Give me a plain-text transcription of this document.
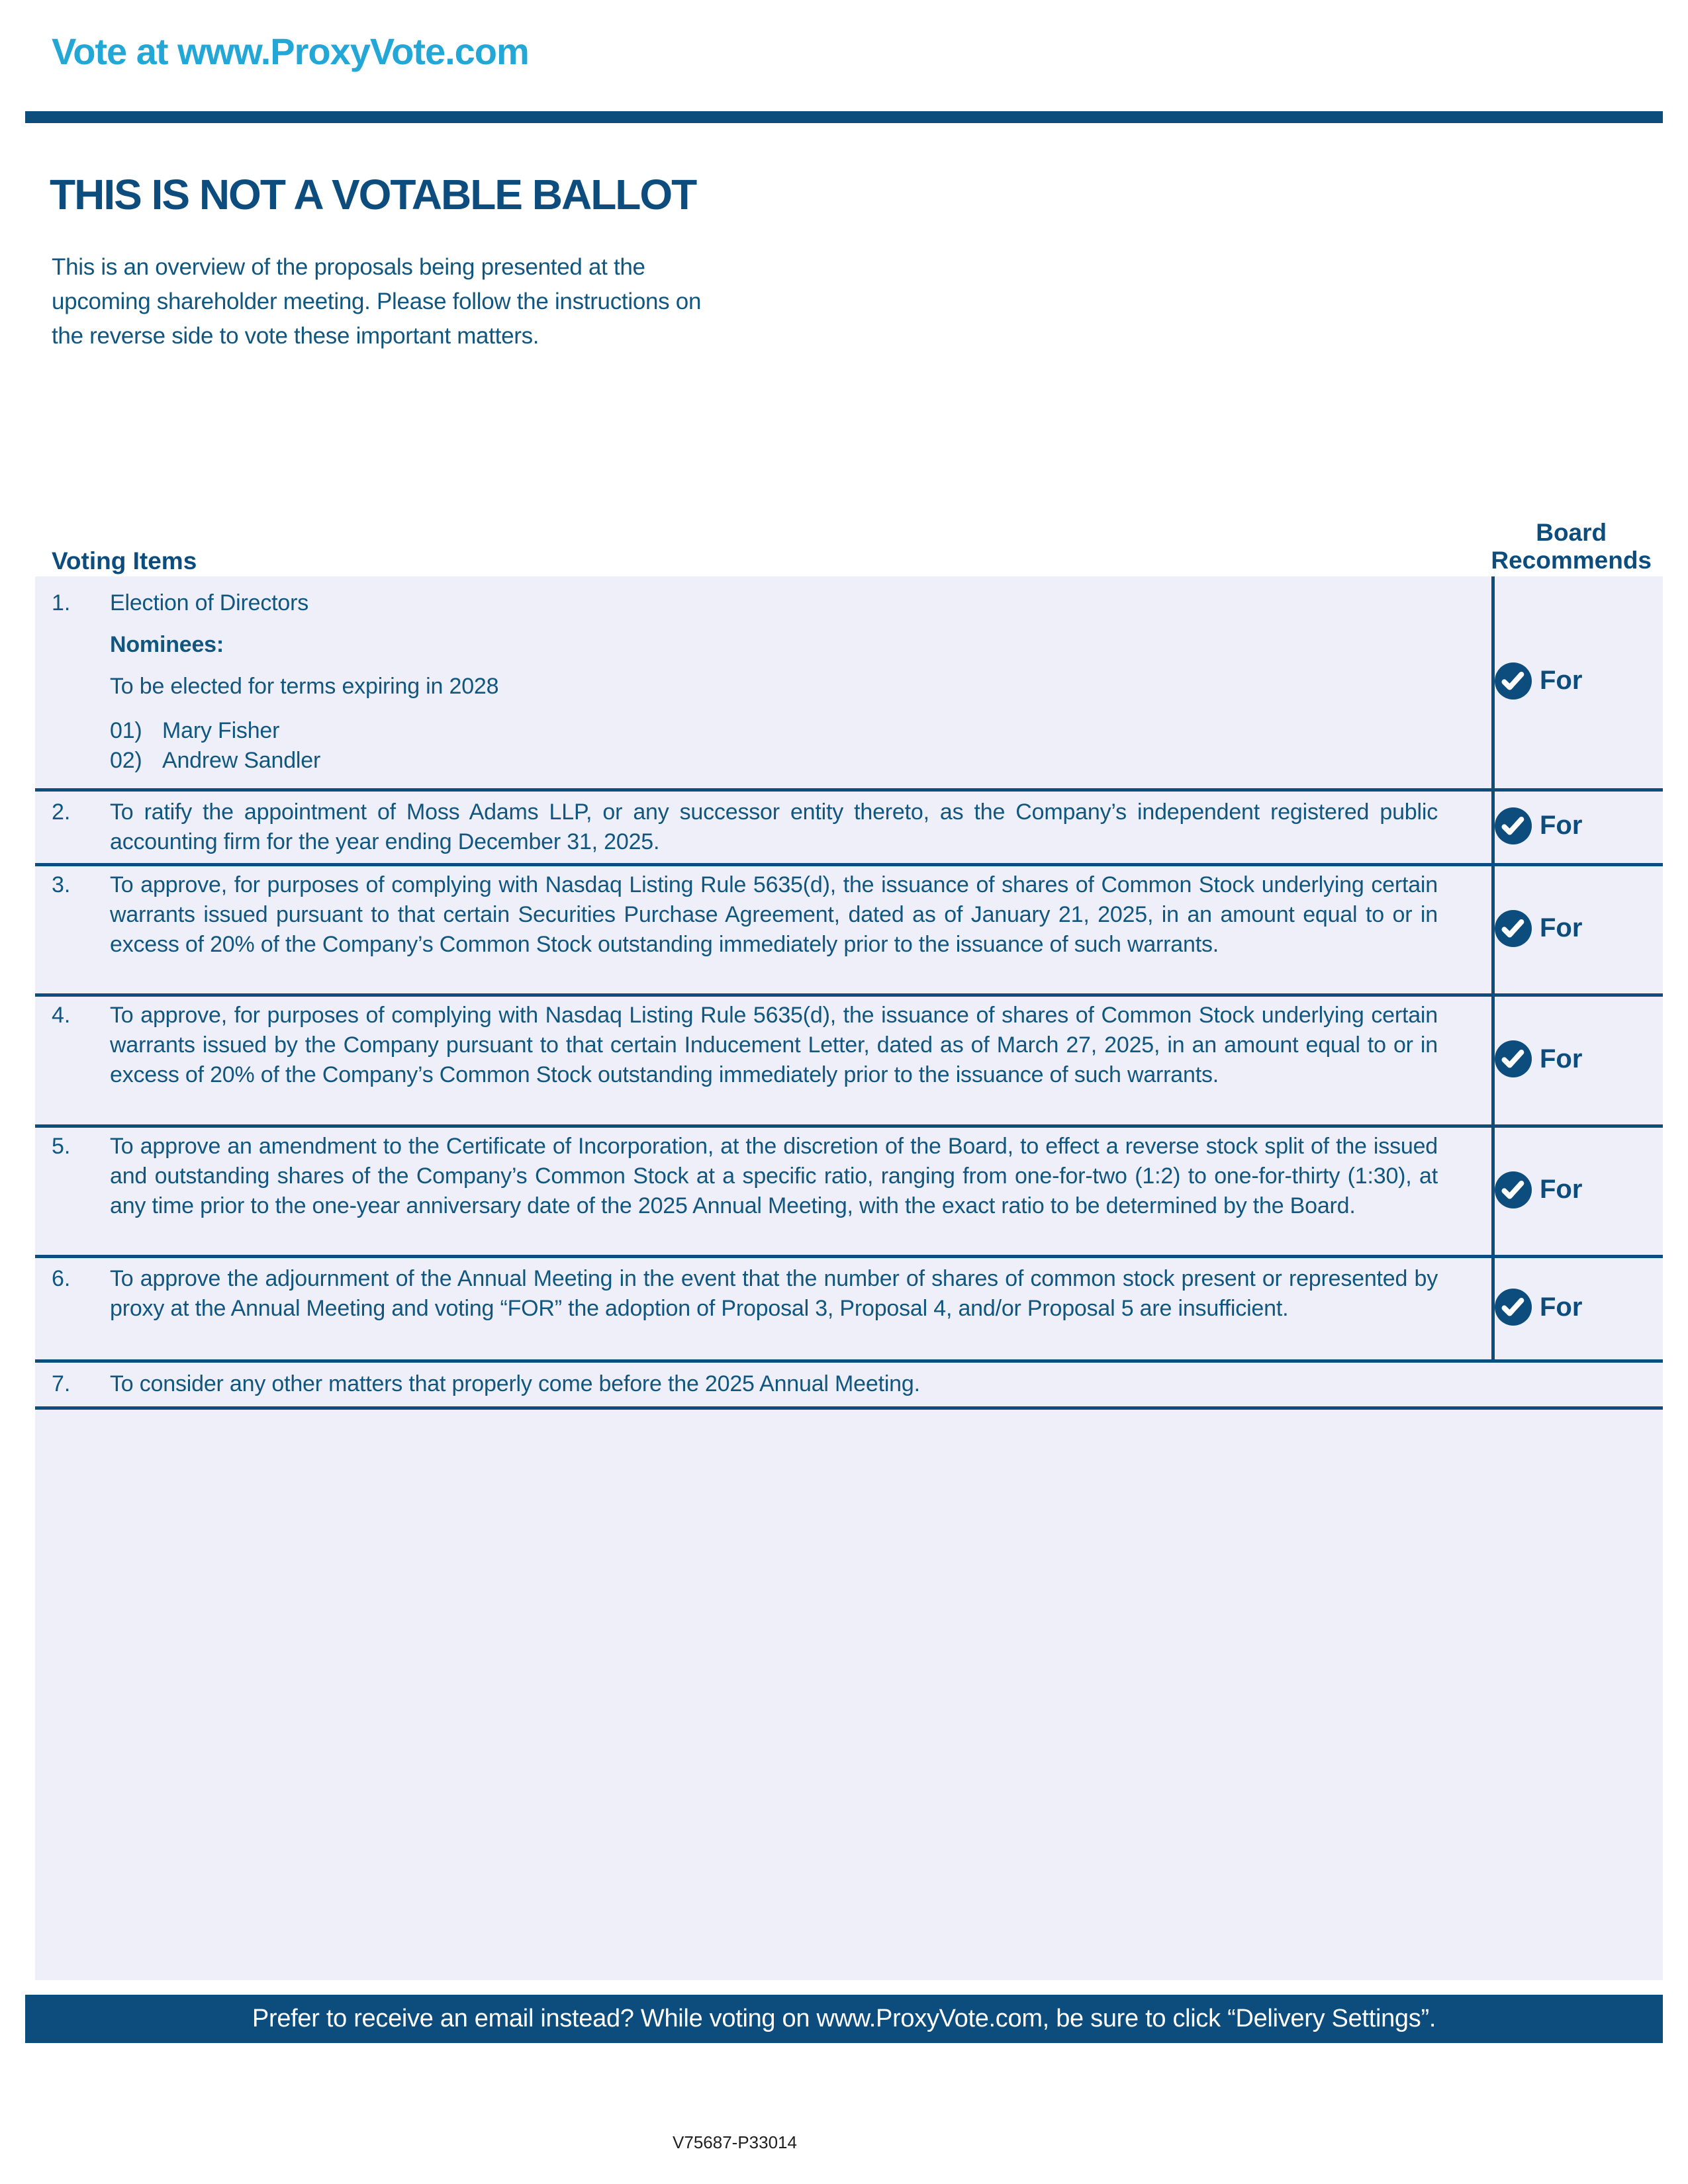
Vote at www.ProxyVote.com
THIS IS NOT A VOTABLE BALLOT
This is an overview of the proposals being presented at the
upcoming shareholder meeting. Please follow the instructions on
the reverse side to vote these important matters.
Voting Items
Board
Recommends
1.	Election of Directors
Nominees:
To be elected for terms expiring in 2028
01) Mary Fisher
02) Andrew Sandler
For
2.	To ratify the appointment of Moss Adams LLP, or any successor entity thereto, as the Company’s independent registered public accounting firm for the year ending December 31, 2025.
For
3.	To approve, for purposes of complying with Nasdaq Listing Rule 5635(d), the issuance of shares of Common Stock underlying certain warrants issued pursuant to that certain Securities Purchase Agreement, dated as of January 21, 2025, in an amount equal to or in excess of 20% of the Company’s Common Stock outstanding immediately prior to the issuance of such warrants.
For
4.	To approve, for purposes of complying with Nasdaq Listing Rule 5635(d), the issuance of shares of Common Stock underlying certain warrants issued by the Company pursuant to that certain Inducement Letter, dated as of March 27, 2025, in an amount equal to or in excess of 20% of the Company’s Common Stock outstanding immediately prior to the issuance of such warrants.
For
5.	To approve an amendment to the Certificate of Incorporation, at the discretion of the Board, to effect a reverse stock split of the issued and outstanding shares of the Company’s Common Stock at a specific ratio, ranging from one-for-two (1:2) to one-for-thirty (1:30), at any time prior to the one-year anniversary date of the 2025 Annual Meeting, with the exact ratio to be determined by the Board.
For
6.	To approve the adjournment of the Annual Meeting in the event that the number of shares of common stock present or represented by proxy at the Annual Meeting and voting “FOR” the adoption of Proposal 3, Proposal 4, and/or Proposal 5 are insufficient.	For
7.	To consider any other matters that properly come before the 2025 Annual Meeting.
Prefer to receive an email instead? While voting on www.ProxyVote.com, be sure to click “Delivery Settings”.
V75687-P33014
